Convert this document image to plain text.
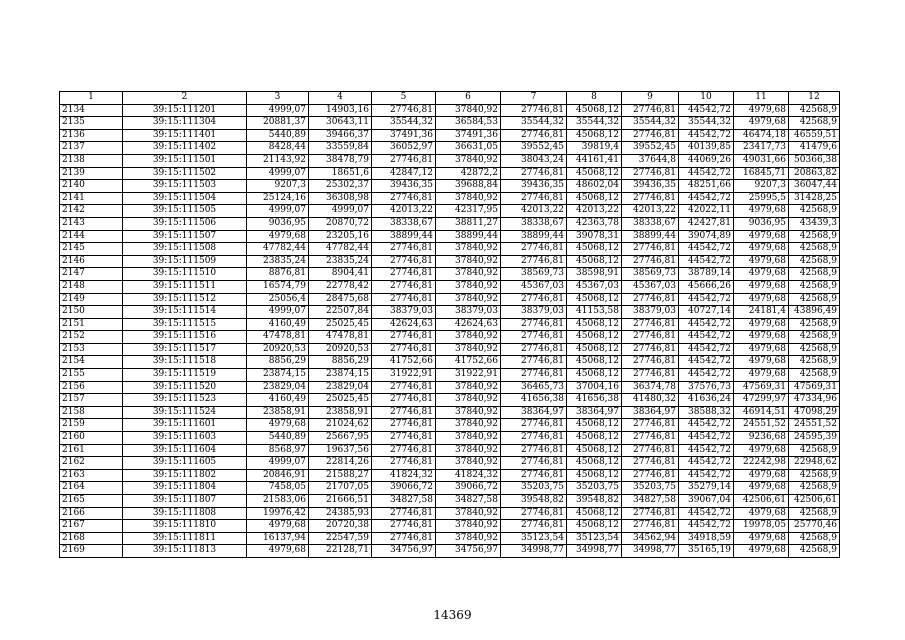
1	2	3	4	5	6	7	8	9	10	11	12
2134	39:15:111201	4999,07	14903,16	27746,81	37840,92	27746,81	45068,12	27746,81	44542,72	4979,68	42568,9
2135	39:15:111304	20881,37	30643,11	35544,32	36584,53	35544,32	35544,32	35544,32	35544,32	4979,68	42568,9
2136	39:15:111401	5440,89	39466,37	37491,36	37491,36	27746,81	45068,12	27746,81	44542,72	46474,18	46559,51
2137	39:15:111402	8428,44	33559,84	36052,97	36631,05	39552,45	39819,4	39552,45	40139,85	23417,73	41479,6
2138	39:15:111501	21143,92	38478,79	27746,81	37840,92	38043,24	44161,41	37644,8	44069,26	49031,66	50366,38
2139	39:15:111502	4999,07	18651,6	42847,12	42872,2	27746,81	45068,12	27746,81	44542,72	16845,71	20863,82
2140	39:15:111503	9207,3	25302,37	39436,35	39688,84	39436,35	48602,04	39436,35	48251,66	9207,3	36047,44
2141	39:15:111504	25124,16	36308,98	27746,81	37840,92	27746,81	45068,12	27746,81	44542,72	25995,5	31428,25
2142	39:15:111505	4999,07	4999,07	42013,22	42317,95	42013,22	42013,22	42013,22	42022,11	4979,68	42568,9
2143	39:15:111506	9036,95	20870,72	38338,67	38811,27	38338,67	42363,78	38338,67	42427,81	9036,95	43439,3
2144	39:15:111507	4979,68	23205,16	38899,44	38899,44	38899,44	39078,31	38899,44	39074,89	4979,68	42568,9
2145	39:15:111508	47782,44	47782,44	27746,81	37840,92	27746,81	45068,12	27746,81	44542,72	4979,68	42568,9
2146	39:15:111509	23835,24	23835,24	27746,81	37840,92	27746,81	45068,12	27746,81	44542,72	4979,68	42568,9
2147	39:15:111510	8876,81	8904,41	27746,81	37840,92	38569,73	38598,91	38569,73	38789,14	4979,68	42568,9
2148	39:15:111511	16574,79	22778,42	27746,81	37840,92	45367,03	45367,03	45367,03	45666,26	4979,68	42568,9
2149	39:15:111512	25056,4	28475,68	27746,81	37840,92	27746,81	45068,12	27746,81	44542,72	4979,68	42568,9
2150	39:15:111514	4999,07	22507,84	38379,03	38379,03	38379,03	41153,58	38379,03	40727,14	24181,4	43896,49
2151	39:15:111515	4160,49	25025,45	42624,63	42624,63	27746,81	45068,12	27746,81	44542,72	4979,68	42568,9
2152	39:15:111516	47478,81	47478,81	27746,81	37840,92	27746,81	45068,12	27746,81	44542,72	4979,68	42568,9
2153	39:15:111517	20920,53	20920,53	27746,81	37840,92	27746,81	45068,12	27746,81	44542,72	4979,68	42568,9
2154	39:15:111518	8856,29	8856,29	41752,66	41752,66	27746,81	45068,12	27746,81	44542,72	4979,68	42568,9
2155	39:15:111519	23874,15	23874,15	31922,91	31922,91	27746,81	45068,12	27746,81	44542,72	4979,68	42568,9
2156	39:15:111520	23829,04	23829,04	27746,81	37840,92	36465,73	37004,16	36374,78	37576,73	47569,31	47569,31
2157	39:15:111523	4160,49	25025,45	27746,81	37840,92	41656,38	41656,38	41480,32	41636,24	47299,97	47334,96
2158	39:15:111524	23858,91	23858,91	27746,81	37840,92	38364,97	38364,97	38364,97	38588,32	46914,51	47098,29
2159	39:15:111601	4979,68	21024,62	27746,81	37840,92	27746,81	45068,12	27746,81	44542,72	24551,52	24551,52
2160	39:15:111603	5440,89	25667,95	27746,81	37840,92	27746,81	45068,12	27746,81	44542,72	9236,68	24595,39
2161	39:15:111604	8568,97	19637,56	27746,81	37840,92	27746,81	45068,12	27746,81	44542,72	4979,68	42568,9
2162	39:15:111605	4999,07	22814,26	27746,81	37840,92	27746,81	45068,12	27746,81	44542,72	22242,98	22948,62
2163	39:15:111802	20846,91	21588,27	41824,32	41824,32	27746,81	45068,12	27746,81	44542,72	4979,68	42568,9
2164	39:15:111804	7458,05	21707,05	39066,72	39066,72	35203,75	35203,75	35203,75	35279,14	4979,68	42568,9
2165	39:15:111807	21583,06	21666,51	34827,58	34827,58	39548,82	39548,82	34827,58	39067,04	42506,61	42506,61
2166	39:15:111808	19976,42	24385,93	27746,81	37840,92	27746,81	45068,12	27746,81	44542,72	4979,68	42568,9
2167	39:15:111810	4979,68	20720,38	27746,81	37840,92	27746,81	45068,12	27746,81	44542,72	19978,05	25770,46
2168	39:15:111811	16137,94	22547,59	27746,81	37840,92	35123,54	35123,54	34562,94	34918,59	4979,68	42568,9
2169	39:15:111813	4979,68	22128,71	34756,97	34756,97	34998,77	34998,77	34998,77	35165,19	4979,68	42568,9
14369
